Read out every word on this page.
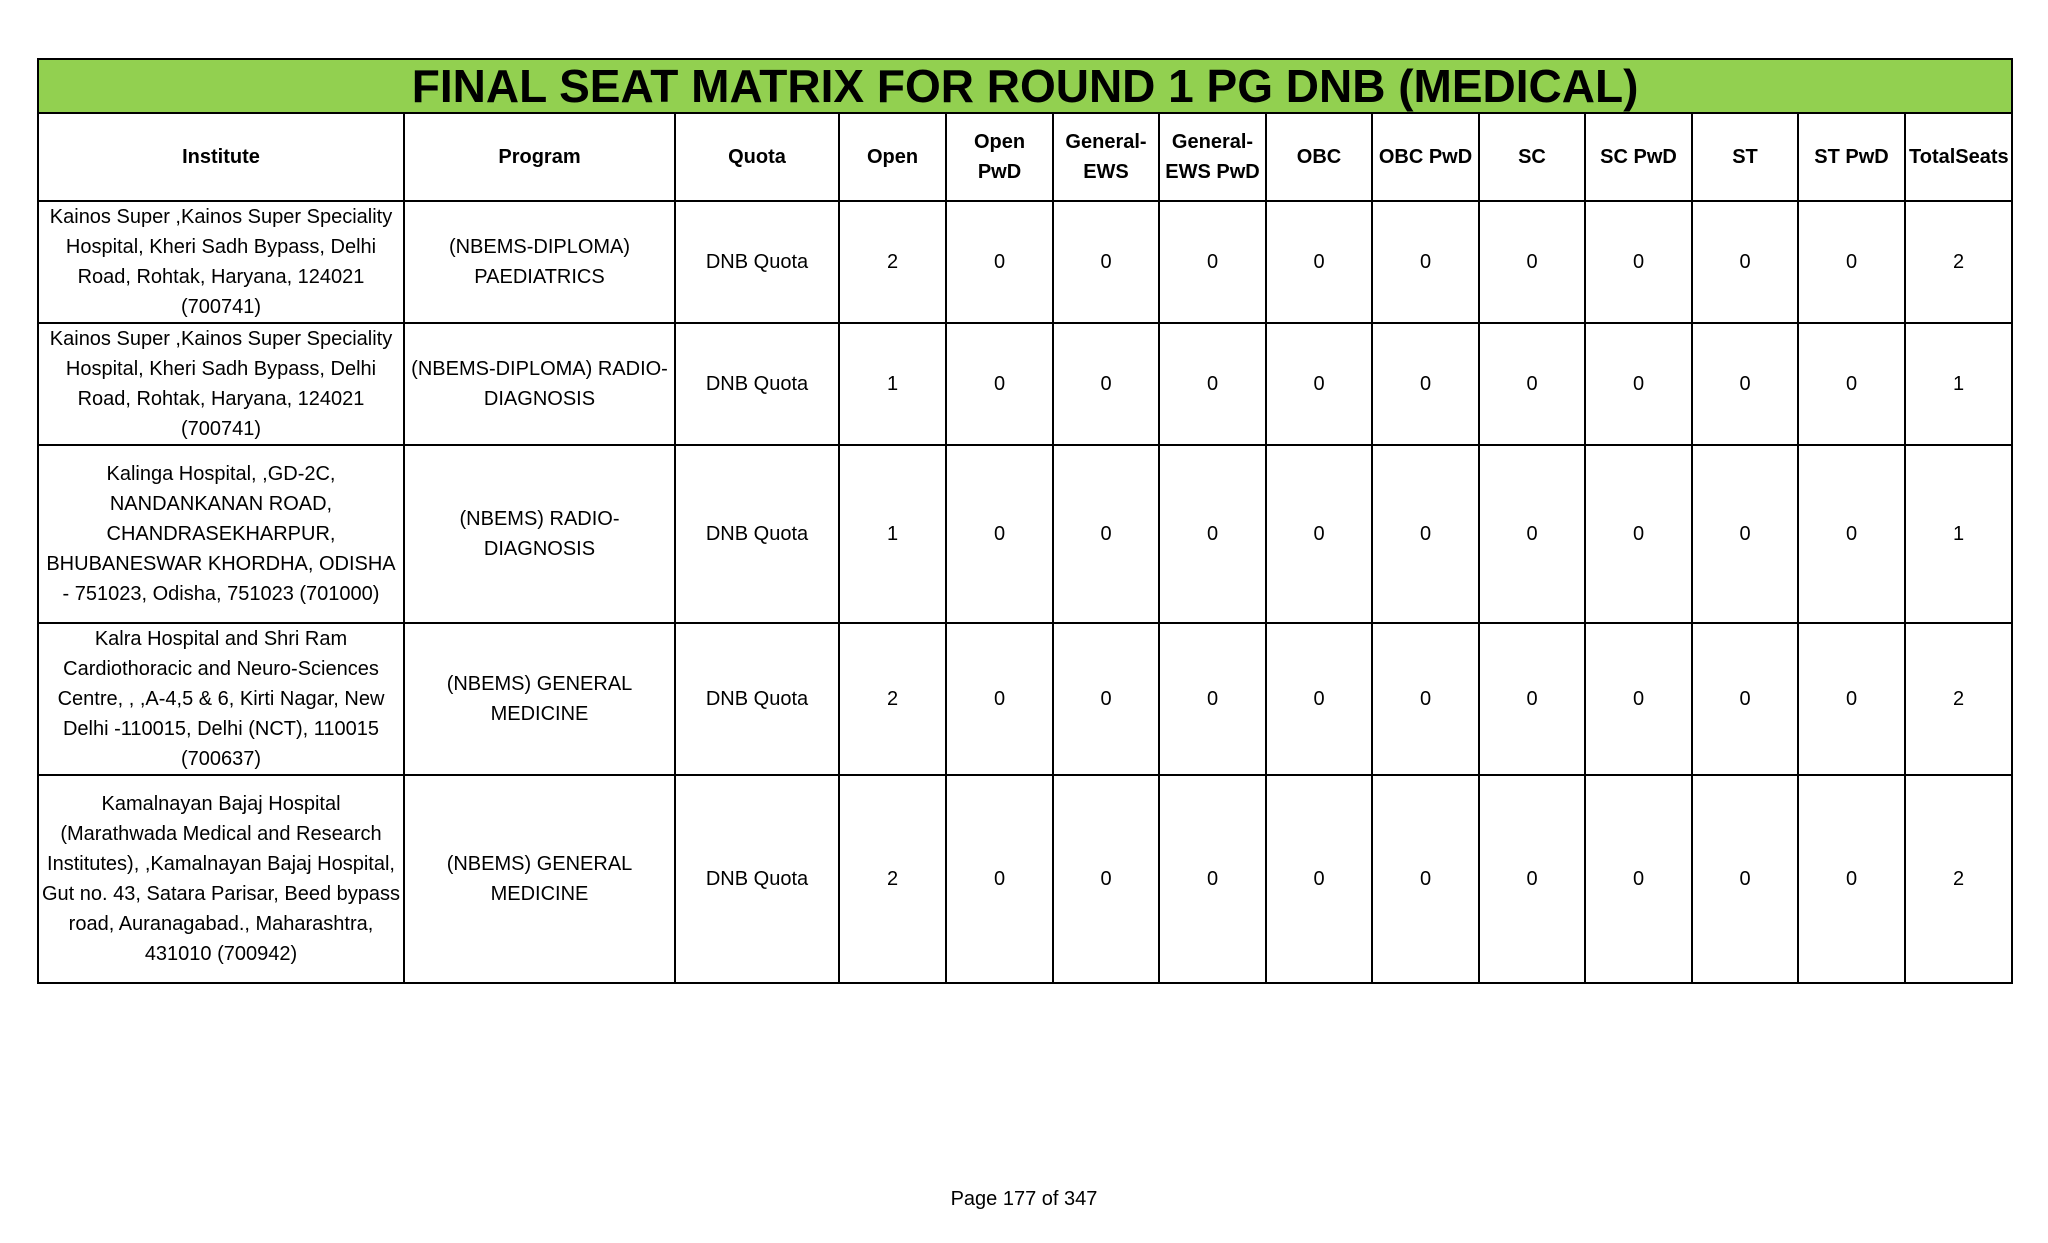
FINAL SEAT MATRIX FOR ROUND 1 PG DNB (MEDICAL)													
Institute	Program	Quota	Open	Open PwD	General-EWS	General-EWS PwD	OBC	OBC PwD	SC	SC PwD	ST	ST PwD	TotalSeats
Kainos Super ,Kainos Super Speciality Hospital, Kheri Sadh Bypass, Delhi Road, Rohtak, Haryana, 124021 (700741)	(NBEMS-DIPLOMA) PAEDIATRICS	DNB Quota	2	0	0	0	0	0	0	0	0	0	2
Kainos Super ,Kainos Super Speciality Hospital, Kheri Sadh Bypass, Delhi Road, Rohtak, Haryana, 124021 (700741)	(NBEMS-DIPLOMA) RADIO-DIAGNOSIS	DNB Quota	1	0	0	0	0	0	0	0	0	0	1
Kalinga Hospital, ,GD-2C, NANDANKANAN ROAD, CHANDRASEKHARPUR, BHUBANESWAR KHORDHA, ODISHA - 751023, Odisha, 751023 (701000)	(NBEMS) RADIO-DIAGNOSIS	DNB Quota	1	0	0	0	0	0	0	0	0	0	1
Kalra Hospital and Shri Ram Cardiothoracic and Neuro-Sciences Centre, , ,A-4,5 & 6, Kirti Nagar, New Delhi -110015, Delhi (NCT), 110015 (700637)	(NBEMS) GENERAL MEDICINE	DNB Quota	2	0	0	0	0	0	0	0	0	0	2
Kamalnayan Bajaj Hospital (Marathwada Medical and Research Institutes), ,Kamalnayan Bajaj Hospital, Gut no. 43, Satara Parisar, Beed bypass road, Auranagabad., Maharashtra, 431010 (700942)	(NBEMS) GENERAL MEDICINE	DNB Quota	2	0	0	0	0	0	0	0	0	0	2
Page 177 of 347
